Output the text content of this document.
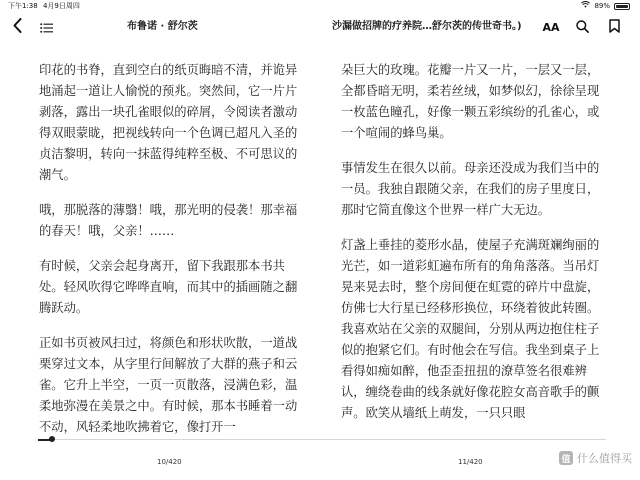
下午1:38 4月9日周四	89%
布鲁诺 · 舒尔茨	沙漏做招牌的疗养院…舒尔茨的传世奇书。) AA

印花的书脊，直到空白的纸页晦暗不清，并诡异地涌起一道让人愉悦的预兆。突然间，它一片片剥落，露出一块孔雀眼似的碎屑，令阅读者激动得双眼蒙眬，把视线转向一个色调已超凡入圣的贞洁黎明，转向一抹蓝得纯粹至极、不可思议的潮气。

哦，那脱落的薄翳！哦，那光明的侵袭！那幸福的春天！哦，父亲！……

有时候，父亲会起身离开，留下我跟那本书共处。轻风吹得它哗哗直响，而其中的插画随之翻腾跃动。

正如书页被风扫过，将颜色和形状吹散，一道战栗穿过文本，从字里行间解放了大群的燕子和云雀。它升上半空，一页一页散落，浸满色彩，温柔地弥漫在美景之中。有时候，那本书睡着一动不动，风轻柔地吹拂着它，像打开一

朵巨大的玫瑰。花瓣一片又一片，一层又一层，全都昏暗无明，柔若丝绒，如梦似幻，徐徐呈现一枚蓝色瞳孔，好像一颗五彩缤纷的孔雀心，或一个喧闹的蜂鸟巢。

事情发生在很久以前。母亲还没成为我们当中的一员。我独自跟随父亲，在我们的房子里度日，那时它简直像这个世界一样广大无边。

灯盏上垂挂的菱形水晶，使屋子充满斑斓绚丽的光芒，如一道彩虹遍布所有的角角落落。当吊灯晃来晃去时，整个房间便在虹霓的碎片中盘旋，仿佛七大行星已经移形换位，环绕着彼此转圈。我喜欢站在父亲的双腿间，分别从两边抱住柱子似的抱紧它们。有时他会在写信。我坐到桌子上看得如痴如醉，他歪歪扭扭的潦草签名很难辨认，缠绕卷曲的线条就好像花腔女高音歌手的颤声。欧笑从墙纸上萌发，一只只眼

10/420	11/420	值 什么值得买
